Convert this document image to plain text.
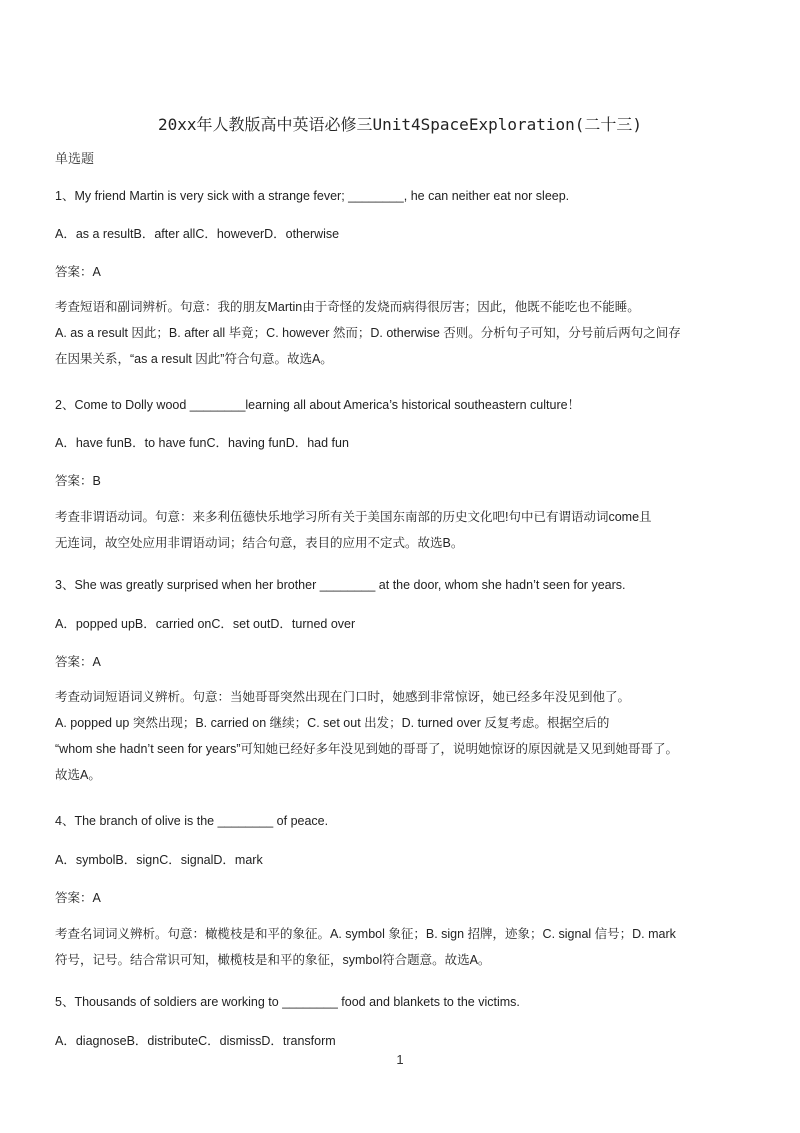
20xx年人教版高中英语必修三Unit4SpaceExploration(二十三)
单选题
1、My friend Martin is very sick with a strange fever; ________, he can neither eat nor sleep.
A．as a resultB．after allC．howeverD．otherwise
答案：A

考查短语和副词辨析。句意：我的朋友Martin由于奇怪的发烧而病得很厉害；因此，他既不能吃也不能睡。

A. as a result 因此；B. after all 毕竟；C. however 然而；D. otherwise 否则。分析句子可知，分号前后两句之间存

在因果关系，“as a result 因此”符合句意。故选A。

2、Come to Dolly wood ________learning all about America’s historical southeastern culture！
A．have funB．to have funC．having funD．had fun
答案：B

考查非谓语动词。句意：来多利伍德快乐地学习所有关于美国东南部的历史文化吧!句中已有谓语动词come且

无连词，故空处应用非谓语动词；结合句意，表目的应用不定式。故选B。

3、She was greatly surprised when her brother ________ at the door, whom she hadn’t seen for years.
A．popped upB．carried onC．set outD．turned over
答案：A

考查动词短语词义辨析。句意：当她哥哥突然出现在门口时，她感到非常惊讶，她已经多年没见到他了。

A. popped up 突然出现；B. carried on 继续；C. set out 出发；D. turned over 反复考虑。根据空后的

“whom she hadn’t seen for years”可知她已经好多年没见到她的哥哥了，说明她惊讶的原因就是又见到她哥哥了。

故选A。

4、The branch of olive is the ________ of peace.
A．symbolB．signC．signalD．mark
答案：A

考查名词词义辨析。句意：橄榄枝是和平的象征。A. symbol 象征；B. sign 招牌，迹象；C. signal 信号；D. mark

符号，记号。结合常识可知，橄榄枝是和平的象征，symbol符合题意。故选A。

5、Thousands of soldiers are working to ________ food and blankets to the victims.
A．diagnoseB．distributeC．dismissD．transform
1
